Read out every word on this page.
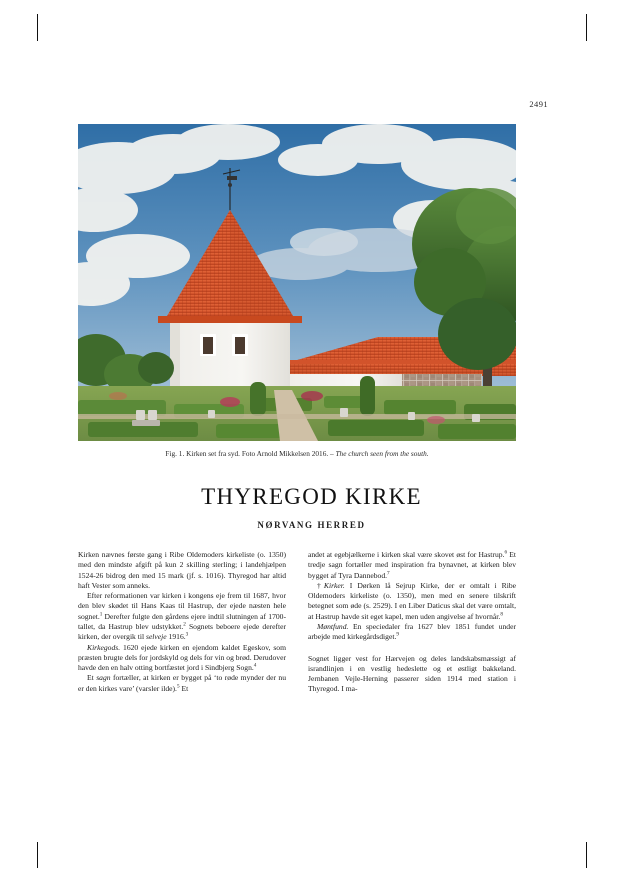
2491
Fig. 1. Kirken set fra syd. Foto Arnold Mikkelsen 2016. – The church seen from the south.
THYREGOD KIRKE
NØRVANG HERRED

Kirken nævnes første gang i Ribe Oldemoders kirkeliste (o. 1350) med den mindste afgift på kun 2 skilling sterling; i landehjælpen 1524-26 bidrog den med 15 mark (jf. s. 1016). Thyregod har altid haft Vester som anneks.

Efter reformationen var kirken i kongens eje frem til 1687, hvor den blev skødet til Hans Kaas til Hastrup, der ejede næsten hele sognet.$^1$ Derefter fulgte den gårdens ejere indtil slutningen af 1700-tallet, da Hastrup blev udstykket.$^2$ Sognets beboere ejede derefter kirken, der overgik til selveje 1916.$^3$

Kirkegods. 1620 ejede kirken en ejendom kaldet Egeskov, som præsten brugte dels for jordskyld og dels for vin og brød. Derudover havde den en halv otting bortfæstet jord i Sindbjerg Sogn.$^4$

Et sagn fortæller, at kirken er bygget på ‘to røde mynder der nu er den kirkes vare’ (varsler ilde).$^5$ Et

andet at egebjælkerne i kirken skal være skovet øst for Hastrup.$^6$ Et tredje sagn fortæller med inspiration fra bynavnet, at kirken blev bygget af Tyra Dannebod.$^7$

†Kirker. I Dørken lå Sejrup Kirke, der er omtalt i Ribe Oldemoders kirkeliste (o. 1350), men med en senere tilskrift betegnet som øde (s. 2529). I en Liber Daticus skal det være omtalt, at Hastrup havde sit eget kapel, men uden angivelse af hvornår.$^8$

Møntfund. En speciedaler fra 1627 blev 1851 fundet under arbejde med kirkegårdsdiget.$^9$

Sognet ligger vest for Hærvejen og deles landskabsmæssigt af israndlinjen i en vestlig hedeslette og et østligt bakkeland. Jernbanen Vejle-Herning passerer siden 1914 med station i Thyregod. I ma-
